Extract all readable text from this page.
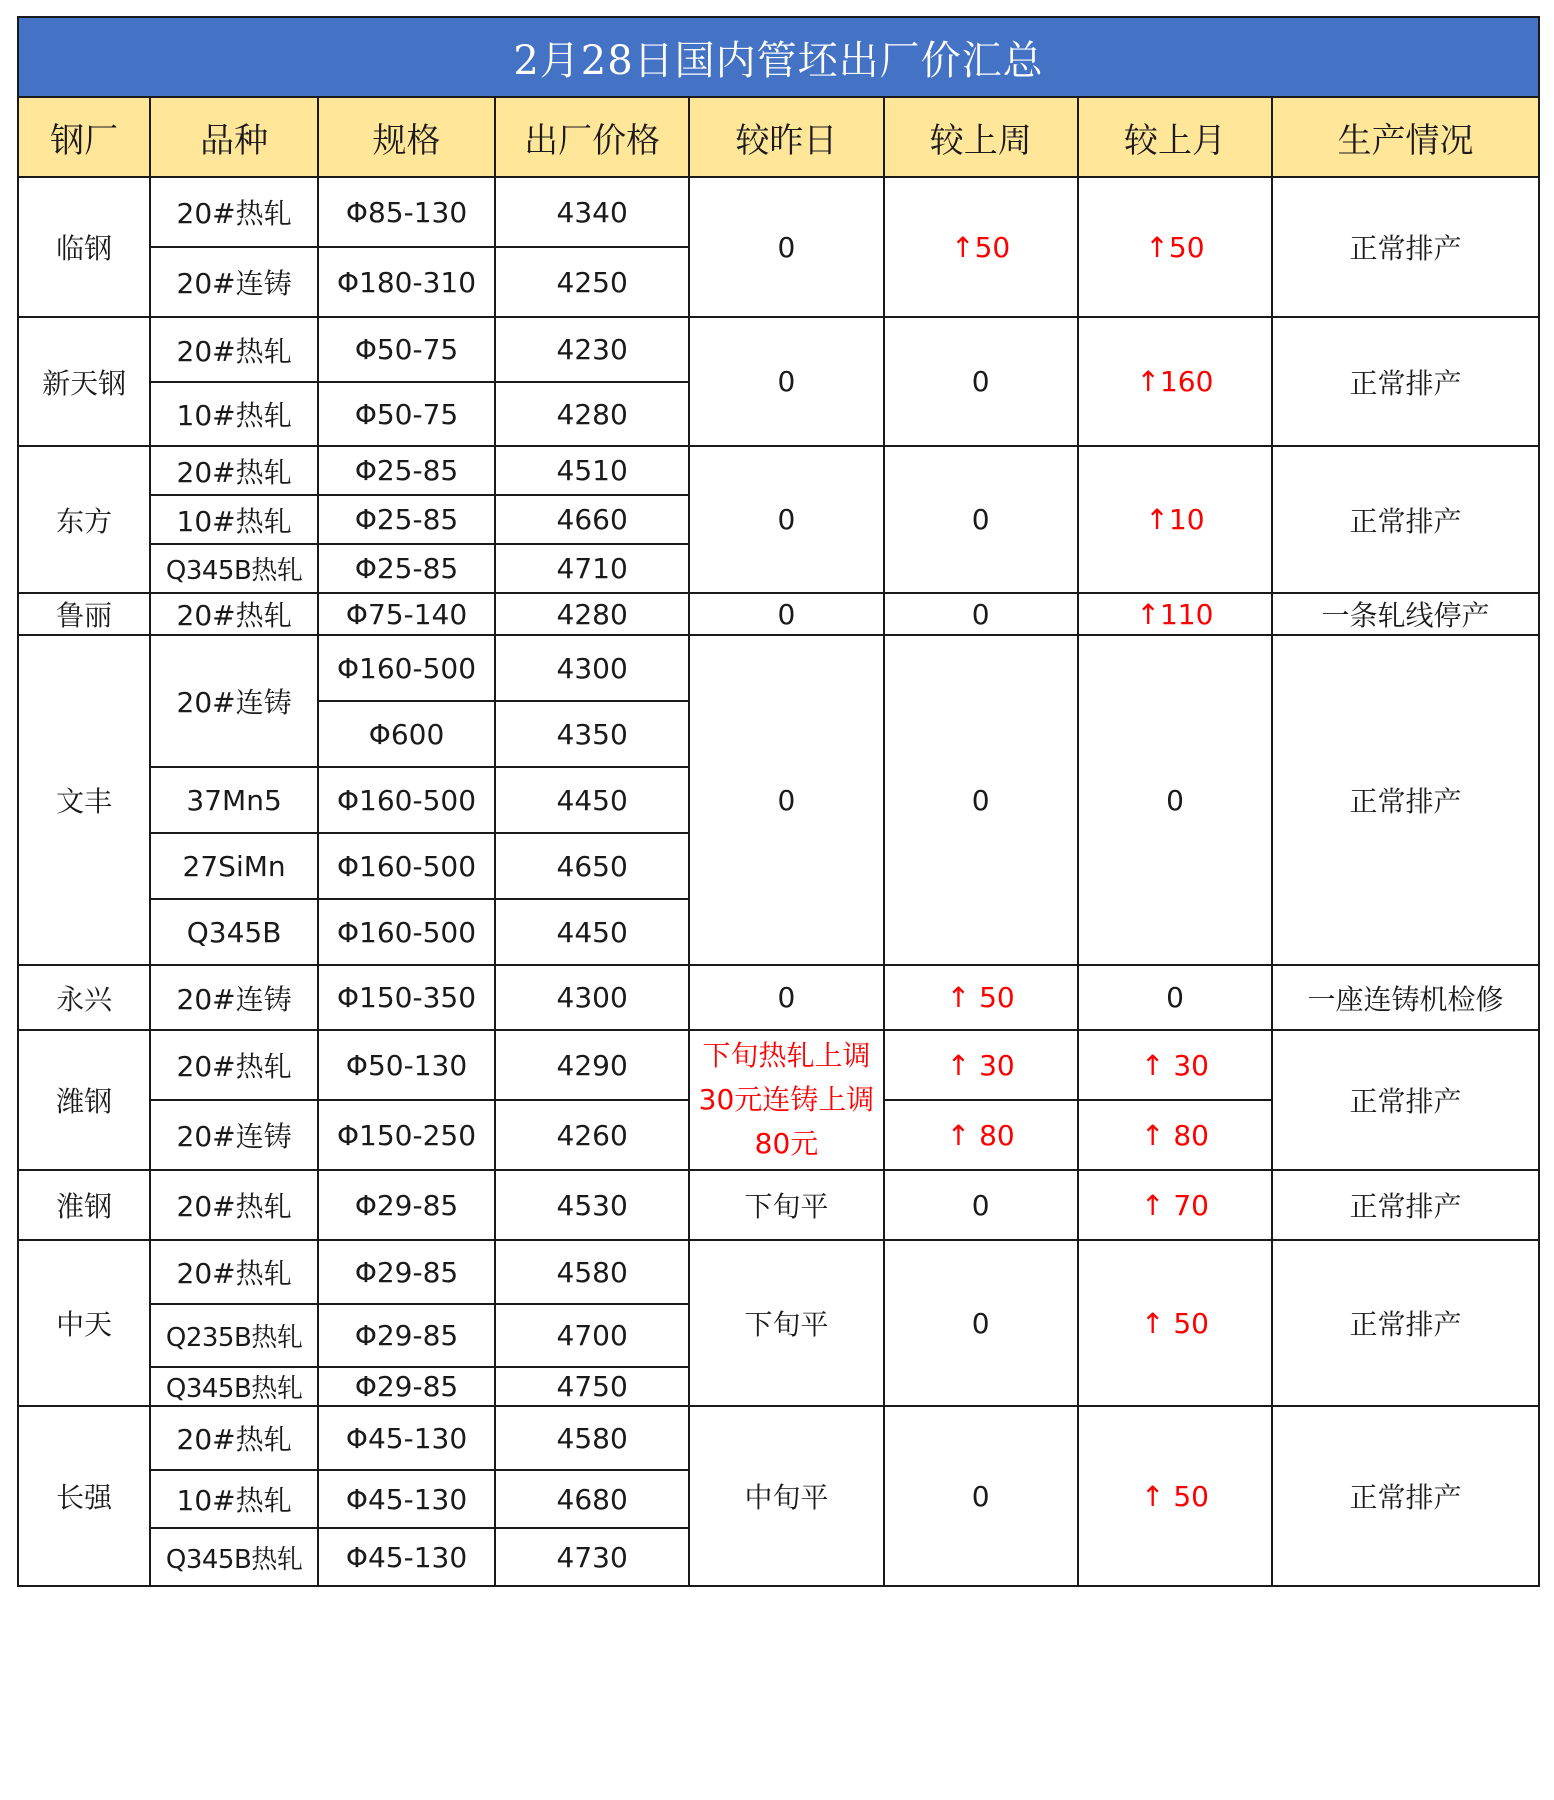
2月28日国内管坯出厂价汇总							
钢厂	品种	规格	出厂价格	较昨日	较上周	较上月	生产情况
临钢	20#热轧	Φ85-130	4340	0	↑50	↑50	正常排产
	20#连铸	Φ180-310	4250				
新天钢	20#热轧	Φ50-75	4230	0	0	↑160	正常排产
	10#热轧	Φ50-75	4280				
东方	20#热轧	Φ25-85	4510	0	0	↑10	正常排产
	10#热轧	Φ25-85	4660				
	Q345B热轧	Φ25-85	4710				
鲁丽	20#热轧	Φ75-140	4280	0	0	↑110	一条轧线停产
文丰	20#连铸	Φ160-500	4300	0	0	0	正常排产
		Φ600	4350				
	37Mn5	Φ160-500	4450				
	27SiMn	Φ160-500	4650				
	Q345B	Φ160-500	4450				
永兴	20#连铸	Φ150-350	4300	0	↑ 50	0	一座连铸机检修
潍钢	20#热轧	Φ50-130	4290	下旬热轧上调30元连铸上调80元	↑ 30	↑ 30	正常排产
	20#连铸	Φ150-250	4260		↑ 80	↑ 80	
淮钢	20#热轧	Φ29-85	4530	下旬平	0	↑ 70	正常排产
中天	20#热轧	Φ29-85	4580	下旬平	0	↑ 50	正常排产
	Q235B热轧	Φ29-85	4700				
	Q345B热轧	Φ29-85	4750				
长强	20#热轧	Φ45-130	4580	中旬平	0	↑ 50	正常排产
	10#热轧	Φ45-130	4680				
	Q345B热轧	Φ45-130	4730				
